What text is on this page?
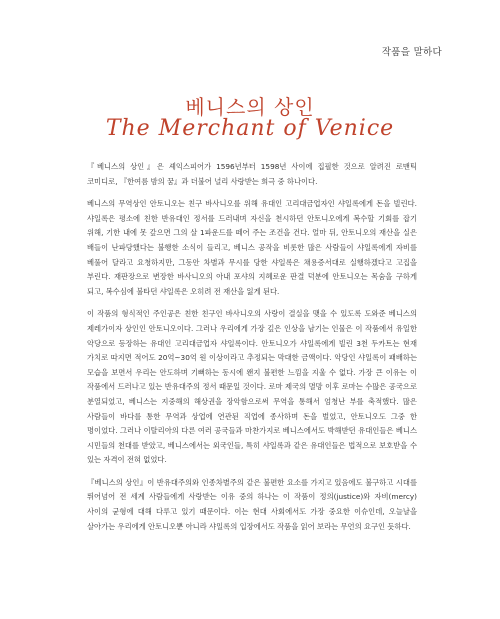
작품을 말하다
베니스의 상인
The Merchant of Venice

『베니스의 상인』은 셰익스피어가 1596년부터 1598년 사이에 집필한 것으로 알려진 로맨틱 코미디로, 『한여름 밤의 꿈』과 더불어 널리 사랑받는 희극 중 하나이다.

베니스의 무역상인 안토니오는 친구 바사니오를 위해 유대인 고리대금업자인 샤일록에게 돈을 빌린다. 샤일록은 평소에 친한 반유대인 정서를 드러내며 자신을 천시하던 안토니오에게 복수할 기회를 잡기 위해, 기한 내에 못 갚으면 그의 살 1파운드를 떼어 주는 조건을 건다. 얼마 뒤, 안토니오의 재산을 실은 배들이 난파당했다는 불행한 소식이 들리고, 베니스 공작을 비롯한 많은 사람들이 샤일록에게 자비를 베풀어 달라고 요청하지만, 그동안 차별과 무시를 당한 샤일록은 채용증서대로 실행하겠다고 고집을 부린다. 재판장으로 변장한 바사니오의 아내 포샤의 지혜로운 판결 덕분에 안토니오는 목숨을 구하게 되고, 복수심에 불타던 샤일록은 오히려 전 재산을 잃게 된다.

이 작품의 형식적인 주인공은 친한 친구인 바사니오의 사랑이 결실을 맺을 수 있도록 도와준 베니스의 제레가이자 상인인 안토니오이다. 그러나 우리에게 가장 깊은 인상을 남기는 인물은 이 작품에서 유일한 악당으로 등장하는 유대인 고리대금업자 샤일록이다. 안토니오가 샤일록에게 빌린 3천 두카트는 현재 가치로 따지면 적어도 20억~30억 원 이상이라고 추정되는 막대한 금액이다. 악당인 샤일록이 패배하는 모습을 보면서 우리는 안도하며 기뻐하는 동시에 왠지 불편한 느낌을 지울 수 없다. 가장 큰 이유는 이 작품에서 드러나고 있는 반유대주의 정서 때문일 것이다. 로마 제국의 멸망 이후 로마는 수많은 공국으로 분열되었고, 베니스는 지중해의 해상권을 장악함으로써 무역을 통해서 엄청난 부를 축적했다. 많은 사람들이 바다를 통한 무역과 상업에 연관된 직업에 종사하며 돈을 벌었고, 안토니오도 그중 한 명이었다. 그러나 이탈리아의 다른 여러 공국들과 마찬가지로 베니스에서도 박해받던 유대인들은 베니스 시민들의 천대를 받았고, 베니스에서는 외국인들, 특히 샤일록과 같은 유대인들은 법적으로 보호받을 수 있는 자격이 전혀 없었다.

『베니스의 상인』이 반유대주의와 인종차별주의 같은 불편한 요소를 가지고 있음에도 불구하고 시대를 뛰어넘어 전 세계 사람들에게 사랑받는 이유 중의 하나는 이 작품이 정의(justice)와 자비(mercy) 사이의 균형에 대해 다루고 있기 때문이다. 이는 현대 사회에서도 가장 중요한 이슈인데, 오늘날을 살아가는 우리에게 안토니오뿐 아니라 샤일록의 입장에서도 작품을 읽어 보라는 무언의 요구인 듯하다.
